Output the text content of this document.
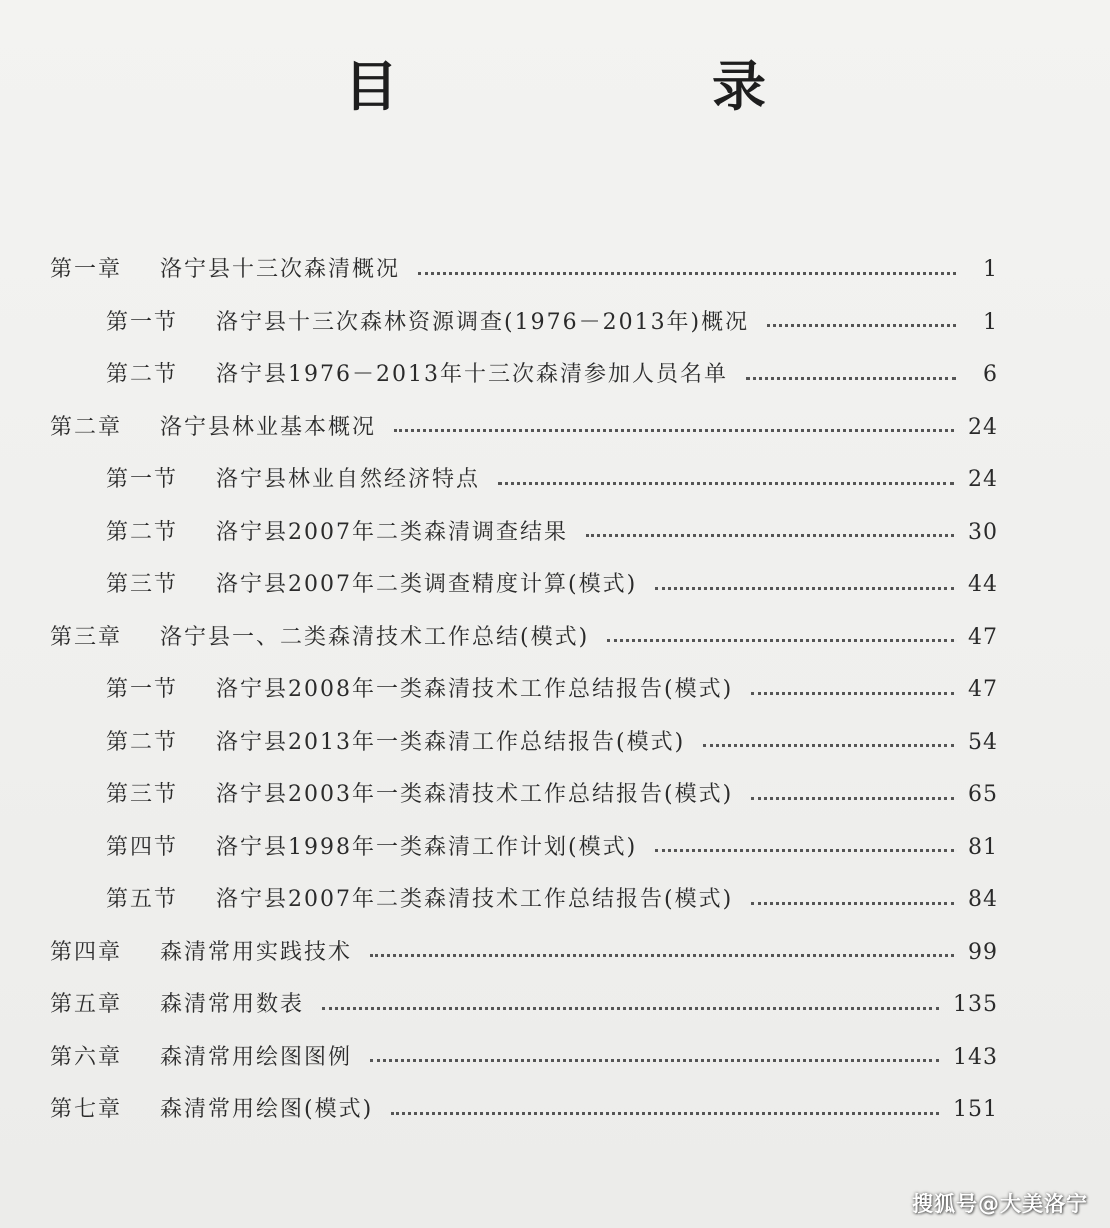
目　录
第一章	洛宁县十三次森清概况	1
第一节	洛宁县十三次森林资源调查(1976－2013年)概况	1
第二节	洛宁县1976－2013年十三次森清参加人员名单	6
第二章	洛宁县林业基本概况	24
第一节	洛宁县林业自然经济特点	24
第二节	洛宁县2007年二类森清调查结果	30
第三节	洛宁县2007年二类调查精度计算(模式)	44
第三章	洛宁县一、二类森清技术工作总结(模式)	47
第一节	洛宁县2008年一类森清技术工作总结报告(模式)	47
第二节	洛宁县2013年一类森清工作总结报告(模式)	54
第三节	洛宁县2003年一类森清技术工作总结报告(模式)	65
第四节	洛宁县1998年一类森清工作计划(模式)	81
第五节	洛宁县2007年二类森清技术工作总结报告(模式)	84
第四章	森清常用实践技术	99
第五章	森清常用数表	135
第六章	森清常用绘图图例	143
第七章	森清常用绘图(模式)	151
搜狐号@大美洛宁
